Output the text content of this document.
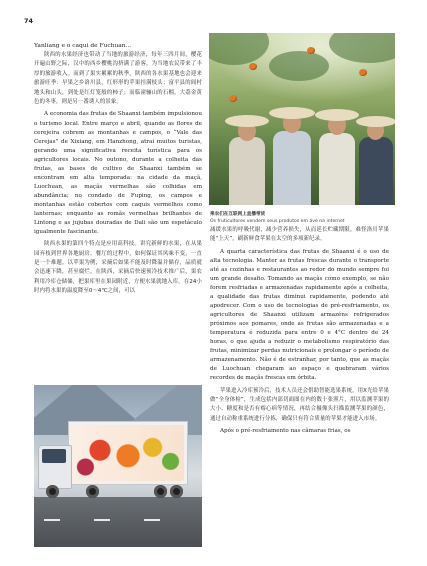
74

Yanliang e o caqui de Fuchuan...

陕西的水果经济也带动了当地的旅游经济，每年三四月间，樱花开遍山野之际，汉中的西乡樱桃沟挤满了游客，为当地农民带来了丰厚的旅游收入。而到了果实累累的秋季，陕西的各水果基地也会迎来旅游旺季：早果之乡洛川县，红形形的苹果挂满枝头；富平县的阎村地头和山头，到处是红灯笼般的柿子；而临潼骊山的石榴，大荔金黄色的冬枣，则是另一番诱人的景象。

A economia das frutas de Shaanxi também impulsionou o turismo local. Entre março e abril, quando as flores de cerejeira cobrem as montanhas e campos, o “Vale das Cerejas” de Xixiang, em Hanzhong, atrai muitos turistas, gerando uma significativa receita turística para os agricultores locais. No outono, durante a colheita das frutas, as bases de cultivo de Shaanxi também se encontram em alta temporada: na cidade da maçã, Luochuan, as maçãs vermelhas são colhidas em abundância; no condado de Fuping, os campos e montanhas estão cobertos com caquis vermelhos como lanternas; enquanto as romãs vermelhas brilhantes de Lintong e as jujubas douradas de Dali são um espetáculo igualmente fascinante.

陕西水果的第四个特点是应用高科技。讲究新鲜的水果，在从果园弃枝到世界各地厨房、餐厅的过程中，如何保证其风味不变，一直是一个难题。以苹果为例，采摘后如果不能及时降温并储存，品质就会迅速下降，甚至腐烂。在陕西，采摘后快速预冷技术推广后，果农利用冷库仓储储，把果库里在果园附近，方便水果就地入库。在24小时内将水果的温度降至0～4℃之间，可以

果农们在互联网上直播带货
Os fruticultores vendem seus produtos em áve na internet

减缓水果的呼吸代谢，减少营养损失，从而延长贮藏期限。难怪洛川苹果能“上天”，刷新鲜食苹果在太空的多项新纪录。

A quarta característica das frutas de Shaanxi é o uso de alta tecnologia. Manter as frutas frescas durante o transporte até as cozinhas e restaurantes ao redor do mundo sempre foi um grande desafio. Tomando as maçãs como exemplo, se não forem resfriadas e armazenadas rapidamente após a colheita, a qualidade das frutas diminui rapidamente, podendo até apodrecer. Com o uso de tecnologias de pré-resfriamento, os agricultores de Shaanxi utilizam armazéns refrigerados próximos aos pomares, onde as frutas são armazenadas e a temperatura é reduzida para entre 0 e 4°C dentro de 24 horas, o que ajuda a reduzir o metabolismo respiratório das frutas, minimizar perdas nutricionais e prolongar o período de armazenamento. Não é de estranhar, por tanto, que as maçãs de Luochuan chegaram ao espaço e quebraram vários recordes de maçãs frescas em órbita.

苹果进入冷库预冷后，技术人员还会借助智能选果系统，用X光给苹果做“全身体检”，生成包括内部切面图在内的数十张照片，用以监测苹果的大小、糖度和是否有霉心病等情况，再结合摄像头扫描监测苹果的颜色，通过自动称重系统进行分拣，确保只有符合质量的苹果才能进入市场。

Após o pré-resfriamento nas câmaras frias, os
